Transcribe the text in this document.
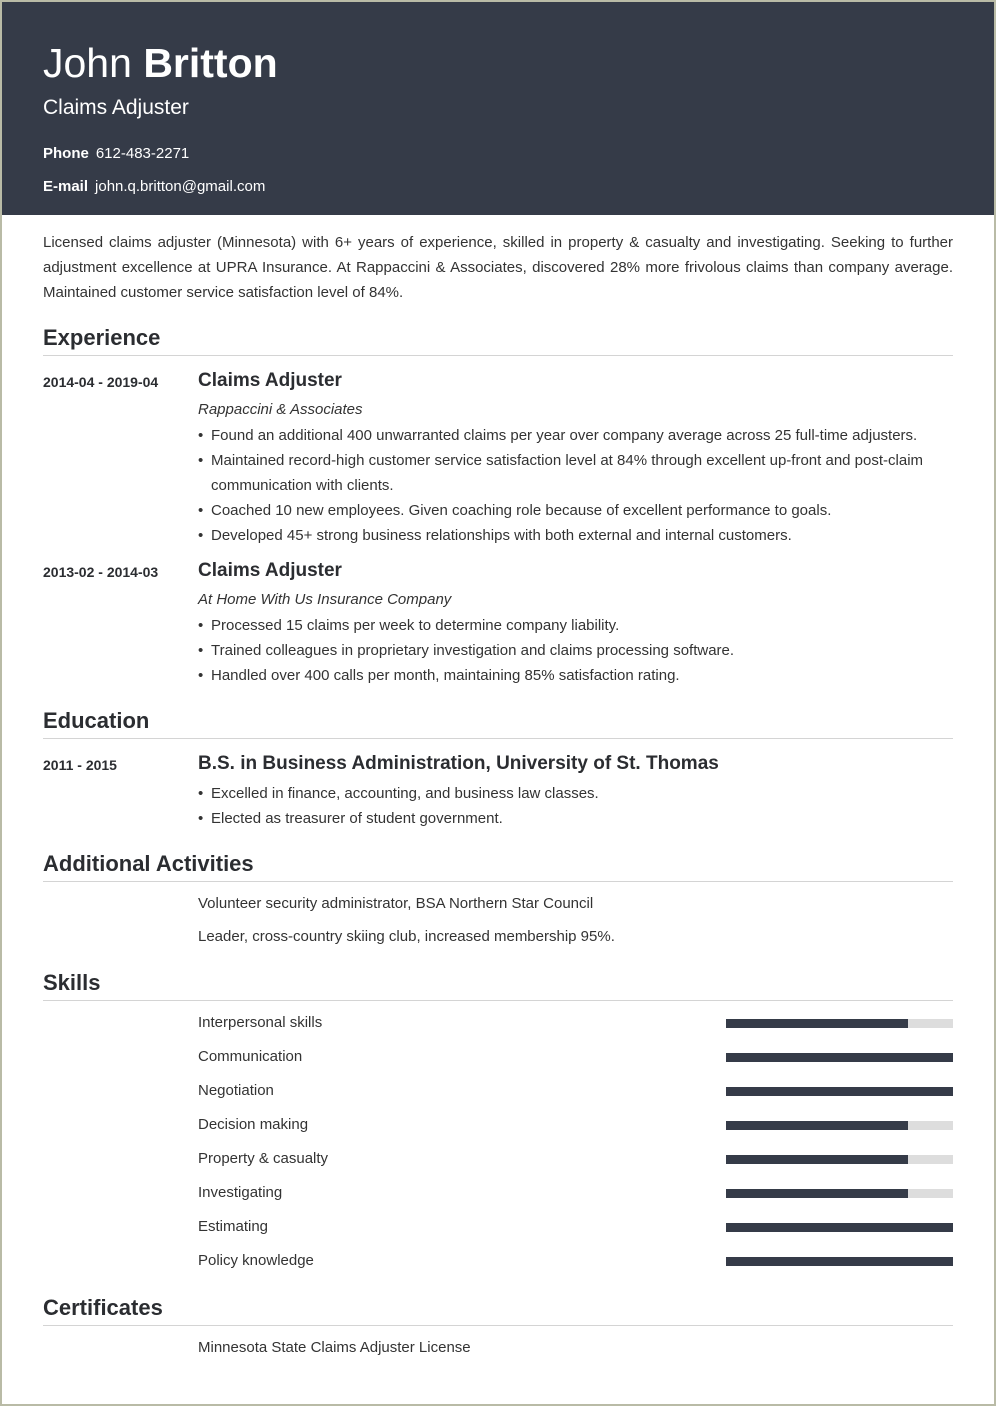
John Britton
Claims Adjuster
Phone 612-483-2271
E-mail john.q.britton@gmail.com
Licensed claims adjuster (Minnesota) with 6+ years of experience, skilled in property & casualty and investigating. Seeking to further adjustment excellence at UPRA Insurance. At Rappaccini & Associates, discovered 28% more frivolous claims than company average. Maintained customer service satisfaction level of 84%.
Experience
2014-04 - 2019-04 Claims Adjuster
Rappaccini & Associates
• Found an additional 400 unwarranted claims per year over company average across 25 full-time adjusters.
• Maintained record-high customer service satisfaction level at 84% through excellent up-front and post-claim communication with clients.
• Coached 10 new employees. Given coaching role because of excellent performance to goals.
• Developed 45+ strong business relationships with both external and internal customers.
2013-02 - 2014-03 Claims Adjuster
At Home With Us Insurance Company
• Processed 15 claims per week to determine company liability.
• Trained colleagues in proprietary investigation and claims processing software.
• Handled over 400 calls per month, maintaining 85% satisfaction rating.
Education
2011 - 2015	B.S. in Business Administration, University of St. Thomas
• Excelled in finance, accounting, and business law classes.
• Elected as treasurer of student government.
Additional Activities
Volunteer security administrator, BSA Northern Star Council
Leader, cross-country skiing club, increased membership 95%.
Skills
Interpersonal skills
Communication
Negotiation
Decision making
Property & casualty
Investigating
Estimating
Policy knowledge
Certificates
Minnesota State Claims Adjuster License
